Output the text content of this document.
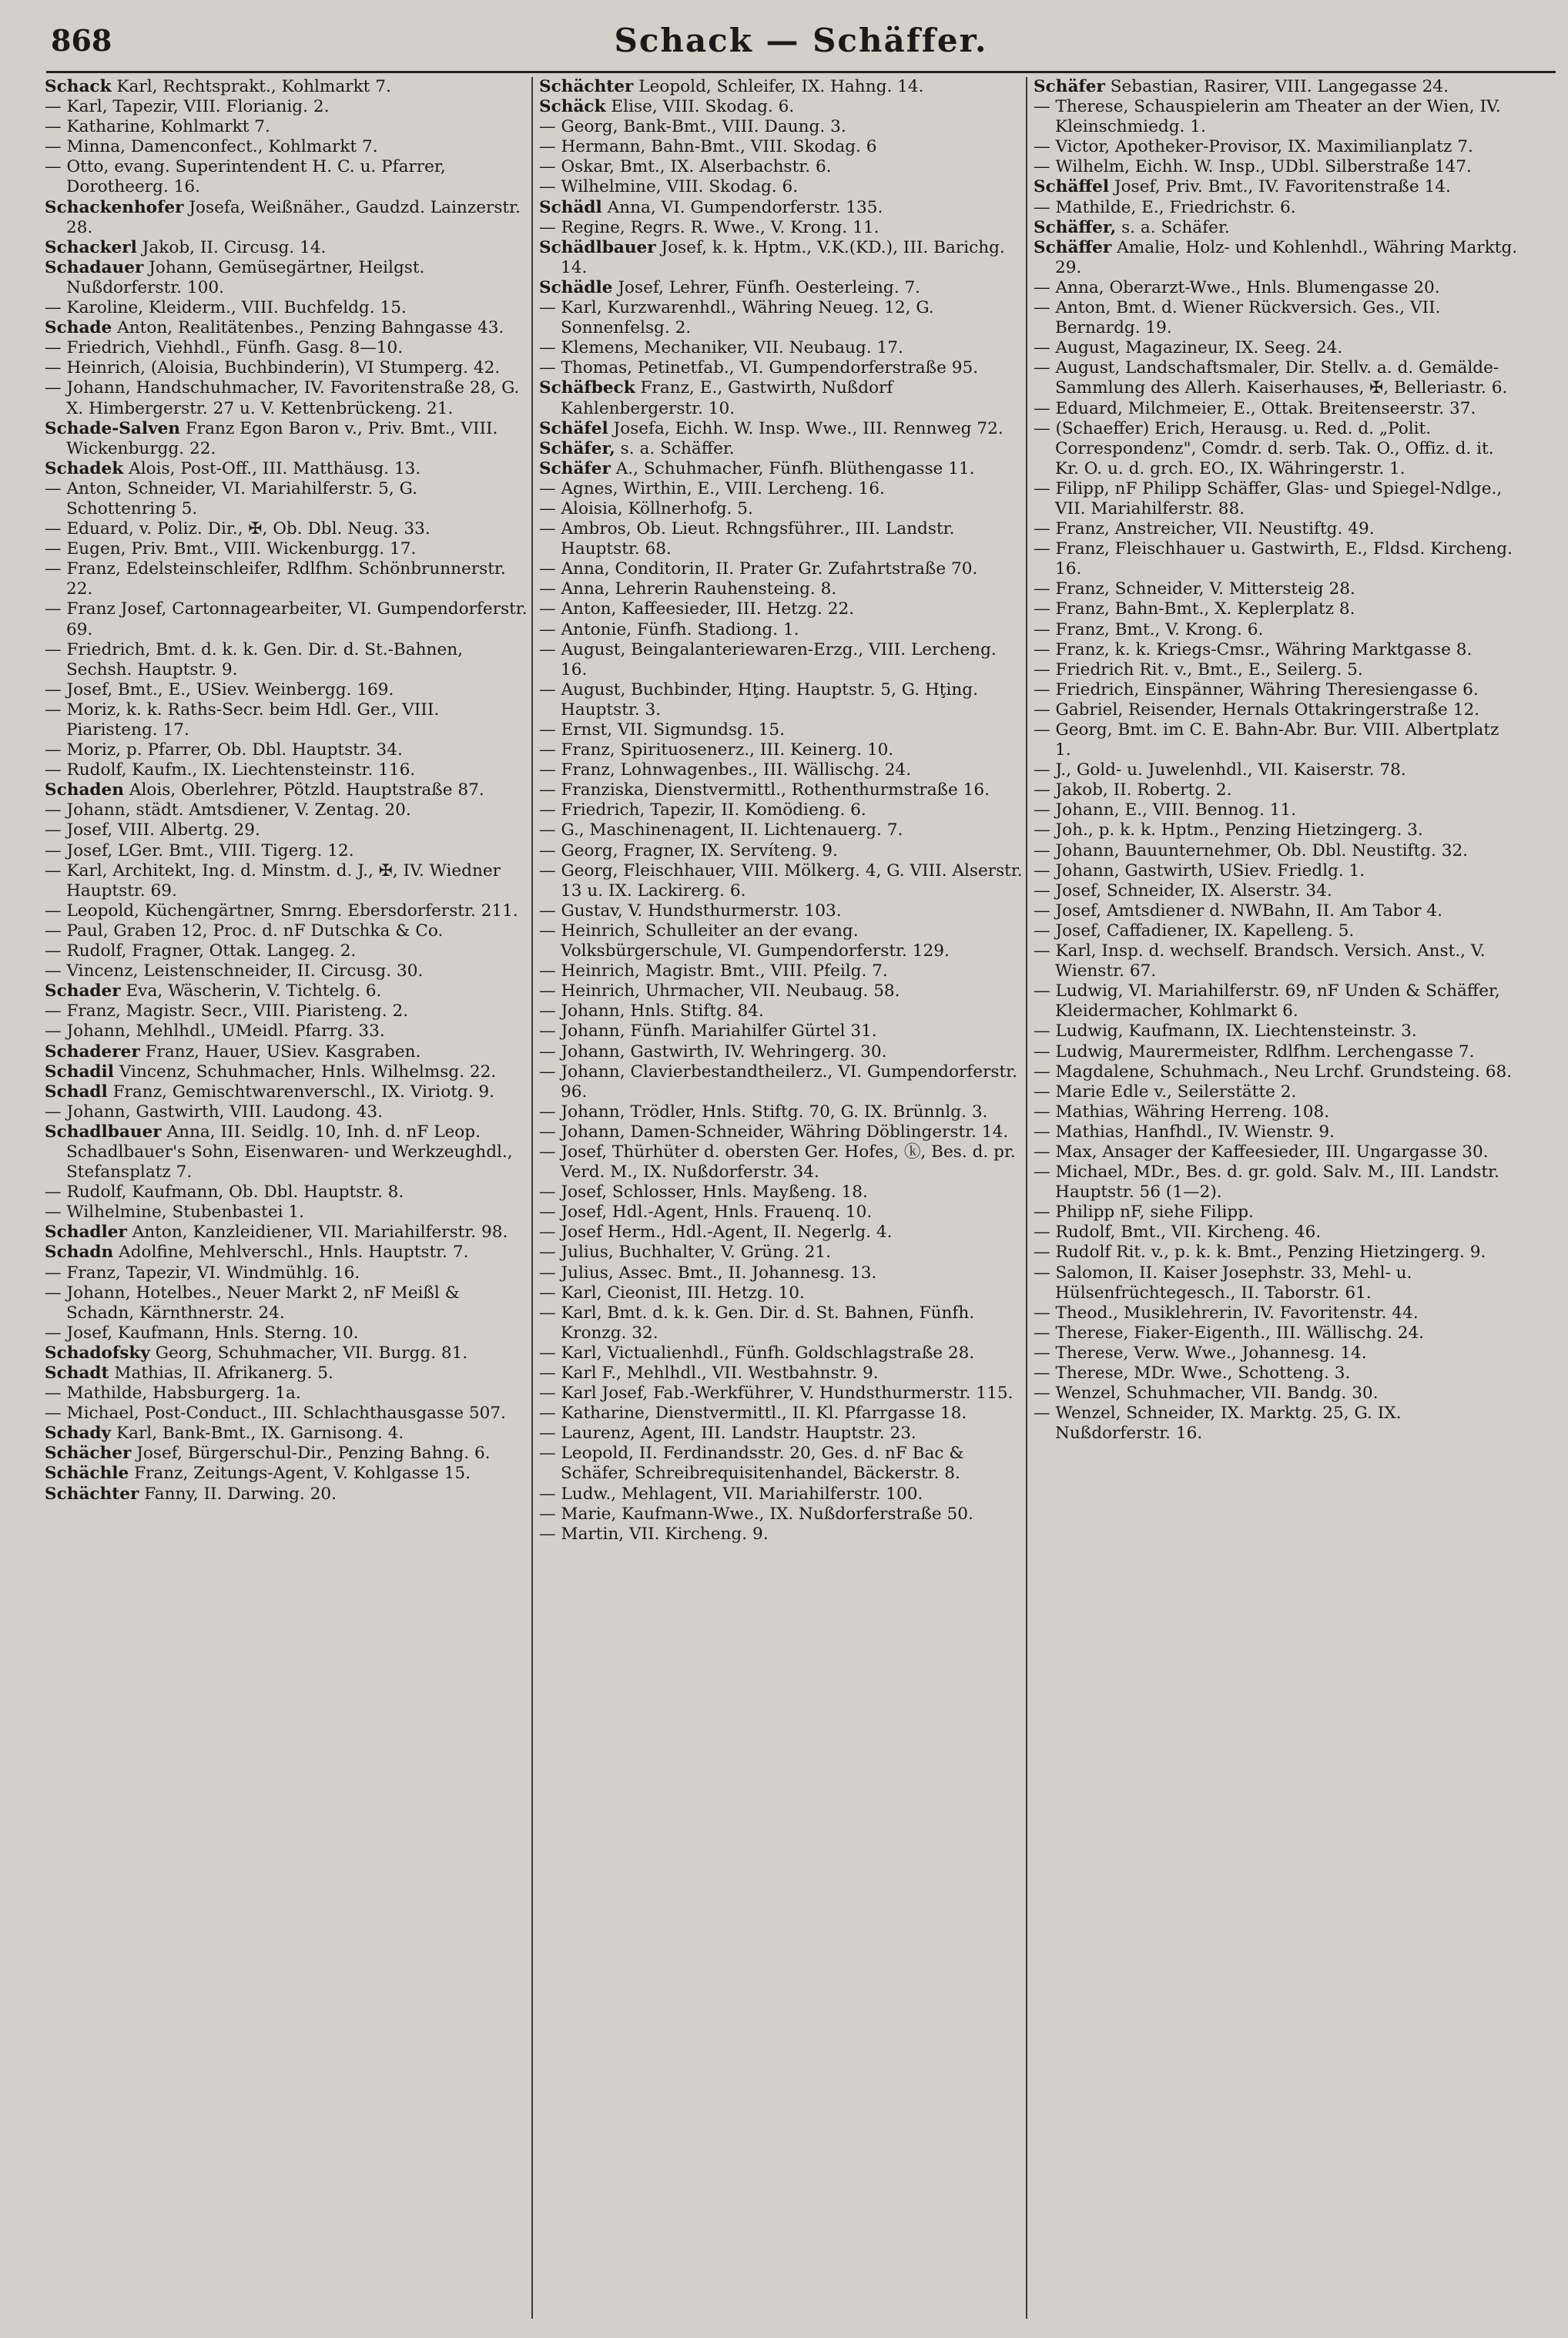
868	Schack — Schäffer.
Schack Karl, Rechtsprakt., Kohlmarkt 7.
— Karl, Tapezir, VIII. Florianig. 2.
— Katharine, Kohlmarkt 7.
— Minna, Damenconfect., Kohlmarkt 7.
— Otto, evang. Superintendent H. C. u. Pfarrer, Dorotheerg. 16.
Schackenhofer Josefa, Weißnäher., Gaudzd. Lainzerstr. 28.
Schackerl Jakob, II. Circusg. 14.
Schadauer Johann, Gemüsegärtner, Heilgst. Nußdorferstr. 100.
— Karoline, Kleiderm., VIII. Buchfeldg. 15.
Schade Anton, Realitätenbes., Penzing Bahngasse 43.
— Friedrich, Viehhdl., Fünfh. Gasg. 8—10.
— Heinrich, (Aloisia, Buchbinderin), VI Stumperg. 42.
— Johann, Handschuhmacher, IV. Favoritenstraße 28, G. X. Himbergerstr. 27 u. V. Kettenbrückeng. 21.
Schade-Salven Franz Egon Baron v., Priv. Bmt., VIII. Wickenburgg. 22.
Schadek Alois, Post-Off., III. Matthäusg. 13.
— Anton, Schneider, VI. Mariahilferstr. 5, G. Schottenring 5.
— Eduard, v. Poliz. Dir., ✠, Ob. Dbl. Neug. 33.
— Eugen, Priv. Bmt., VIII. Wickenburgg. 17.
— Franz, Edelsteinschleifer, Rdlfhm. Schönbrunnerstr. 22.
— Franz Josef, Cartonnagearbeiter, VI. Gumpendorferstr. 69.
— Friedrich, Bmt. d. k. k. Gen. Dir. d. St.-Bahnen, Sechsh. Hauptstr. 9.
— Josef, Bmt., E., USiev. Weinbergg. 169.
— Moriz, k. k. Raths-Secr. beim Hdl. Ger., VIII. Piaristeng. 17.
— Moriz, p. Pfarrer, Ob. Dbl. Hauptstr. 34.
— Rudolf, Kaufm., IX. Liechtensteinstr. 116.
Schaden Alois, Oberlehrer, Pötzld. Hauptstraße 87.
— Johann, städt. Amtsdiener, V. Zentag. 20.
— Josef, VIII. Albertg. 29.
— Josef, LGer. Bmt., VIII. Tigerg. 12.
— Karl, Architekt, Ing. d. Minstm. d. J., ✠, IV. Wiedner Hauptstr. 69.
— Leopold, Küchengärtner, Smrng. Ebersdorferstr. 211.
— Paul, Graben 12, Proc. d. nF Dutschka & Co.
— Rudolf, Fragner, Ottak. Langeg. 2.
— Vincenz, Leistenschneider, II. Circusg. 30.
Schader Eva, Wäscherin, V. Tichtelg. 6.
— Franz, Magistr. Secr., VIII. Piaristeng. 2.
— Johann, Mehlhdl., UMeidl. Pfarrg. 33.
Schaderer Franz, Hauer, USiev. Kasgraben.
Schadil Vincenz, Schuhmacher, Hnls. Wilhelmsg. 22.
Schadl Franz, Gemischtwarenverschl., IX. Viriotg. 9.
— Johann, Gastwirth, VIII. Laudong. 43.
Schadlbauer Anna, III. Seidlg. 10, Inh. d. nF Leop. Schadlbauer's Sohn, Eisenwaren- und Werkzeughdl., Stefansplatz 7.
— Rudolf, Kaufmann, Ob. Dbl. Hauptstr. 8.
— Wilhelmine, Stubenbastei 1.
Schadler Anton, Kanzleidiener, VII. Mariahilferstr. 98.
Schadn Adolfine, Mehlverschl., Hnls. Hauptstr. 7.
— Franz, Tapezir, VI. Windmühlg. 16.
— Johann, Hotelbes., Neuer Markt 2, nF Meißl & Schadn, Kärnthnerstr. 24.
— Josef, Kaufmann, Hnls. Sterng. 10.
Schadofsky Georg, Schuhmacher, VII. Burgg. 81.
Schadt Mathias, II. Afrikanerg. 5.
— Mathilde, Habsburgerg. 1a.
— Michael, Post-Conduct., III. Schlachthausgasse 507.
Schady Karl, Bank-Bmt., IX. Garnisong. 4.
Schächer Josef, Bürgerschul-Dir., Penzing Bahng. 6.
Schächle Franz, Zeitungs-Agent, V. Kohlgasse 15.
Schächter Fanny, II. Darwing. 20.
Schächter Leopold, Schleifer, IX. Hahng. 14.
Schäck Elise, VIII. Skodag. 6.
— Georg, Bank-Bmt., VIII. Daung. 3.
— Hermann, Bahn-Bmt., VIII. Skodag. 6
— Oskar, Bmt., IX. Alserbachstr. 6.
— Wilhelmine, VIII. Skodag. 6.
Schädl Anna, VI. Gumpendorferstr. 135.
— Regine, Regrs. R. Wwe., V. Krong. 11.
Schädlbauer Josef, k. k. Hptm., V.K.(KD.), III. Barichg. 14.
Schädle Josef, Lehrer, Fünfh. Oesterleing. 7.
— Karl, Kurzwarenhdl., Währing Neueg. 12, G. Sonnenfelsg. 2.
— Klemens, Mechaniker, VII. Neubaug. 17.
— Thomas, Petinetfab., VI. Gumpendorferstraße 95.
Schäfbeck Franz, E., Gastwirth, Nußdorf Kahlenbergerstr. 10.
Schäfel Josefa, Eichh. W. Insp. Wwe., III. Rennweg 72.
Schäfer, s. a. Schäffer.
Schäfer A., Schuhmacher, Fünfh. Blüthengasse 11.
— Agnes, Wirthin, E., VIII. Lercheng. 16.
— Aloisia, Köllnerhofg. 5.
— Ambros, Ob. Lieut. Rchngsführer., III. Landstr. Hauptstr. 68.
— Anna, Conditorin, II. Prater Gr. Zufahrtstraße 70.
— Anna, Lehrerin Rauhensteing. 8.
— Anton, Kaffeesieder, III. Hetzg. 22.
— Antonie, Fünfh. Stadiong. 1.
— August, Beingalanteriewaren-Erzg., VIII. Lercheng. 16.
— August, Buchbinder, Hţing. Hauptstr. 5, G. Hţing. Hauptstr. 3.
— Ernst, VII. Sigmundsg. 15.
— Franz, Spirituosenerz., III. Keinerg. 10.
— Franz, Lohnwagenbes., III. Wällischg. 24.
— Franziska, Dienstvermittl., Rothenthurmstraße 16.
— Friedrich, Tapezir, II. Komödieng. 6.
— G., Maschinenagent, II. Lichtenauerg. 7.
— Georg, Fragner, IX. Servíteng. 9.
— Georg, Fleischhauer, VIII. Mölkerg. 4, G. VIII. Alserstr. 13 u. IX. Lackirerg. 6.
— Gustav, V. Hundsthurmerstr. 103.
— Heinrich, Schulleiter an der evang. Volksbürgerschule, VI. Gumpendorferstr. 129.
— Heinrich, Magistr. Bmt., VIII. Pfeilg. 7.
— Heinrich, Uhrmacher, VII. Neubaug. 58.
— Johann, Hnls. Stiftg. 84.
— Johann, Fünfh. Mariahilfer Gürtel 31.
— Johann, Gastwirth, IV. Wehringerg. 30.
— Johann, Clavierbestandtheilerz., VI. Gumpendorferstr. 96.
— Johann, Trödler, Hnls. Stiftg. 70, G. IX. Brünnlg. 3.
— Johann, Damen-Schneider, Währing Döblingerstr. 14.
— Josef, Thürhüter d. obersten Ger. Hofes, ⓚ, Bes. d. pr. Verd. M., IX. Nußdorferstr. 34.
— Josef, Schlosser, Hnls. Mayßeng. 18.
— Josef, Hdl.-Agent, Hnls. Frauenq. 10.
— Josef Herm., Hdl.-Agent, II. Negerlg. 4.
— Julius, Buchhalter, V. Grüng. 21.
— Julius, Assec. Bmt., II. Johannesg. 13.
— Karl, Cieonist, III. Hetzg. 10.
— Karl, Bmt. d. k. k. Gen. Dir. d. St. Bahnen, Fünfh. Kronzg. 32.
— Karl, Victualienhdl., Fünfh. Goldschlagstraße 28.
— Karl F., Mehlhdl., VII. Westbahnstr. 9.
— Karl Josef, Fab.-Werkführer, V. Hundsthurmerstr. 115.
— Katharine, Dienstvermittl., II. Kl. Pfarrgasse 18.
— Laurenz, Agent, III. Landstr. Hauptstr. 23.
— Leopold, II. Ferdinandsstr. 20, Ges. d. nF Bac & Schäfer, Schreibrequisitenhandel, Bäckerstr. 8.
— Ludw., Mehlagent, VII. Mariahilferstr. 100.
— Marie, Kaufmann-Wwe., IX. Nußdorferstraße 50.
— Martin, VII. Kircheng. 9.
Schäfer Sebastian, Rasirer, VIII. Langegasse 24.
— Therese, Schauspielerin am Theater an der Wien, IV. Kleinschmiedg. 1.
— Victor, Apotheker-Provisor, IX. Maximilianplatz 7.
— Wilhelm, Eichh. W. Insp., UDbl. Silberstraße 147.
Schäffel Josef, Priv. Bmt., IV. Favoritenstraße 14.
— Mathilde, E., Friedrichstr. 6.
Schäffer, s. a. Schäfer.
Schäffer Amalie, Holz- und Kohlenhdl., Währing Marktg. 29.
— Anna, Oberarzt-Wwe., Hnls. Blumengasse 20.
— Anton, Bmt. d. Wiener Rückversich. Ges., VII. Bernardg. 19.
— August, Magazineur, IX. Seeg. 24.
— August, Landschaftsmaler, Dir. Stellv. a. d. Gemälde-Sammlung des Allerh. Kaiserhauses, ✠, Belleriastr. 6.
— Eduard, Milchmeier, E., Ottak. Breitenseerstr. 37.
— (Schaeffer) Erich, Herausg. u. Red. d. „Polit. Correspondenz", Comdr. d. serb. Tak. O., Offiz. d. it. Kr. O. u. d. grch. EO., IX. Währingerstr. 1.
— Filipp, nF Philipp Schäffer, Glas- und Spiegel-Ndlge., VII. Mariahilferstr. 88.
— Franz, Anstreicher, VII. Neustiftg. 49.
— Franz, Fleischhauer u. Gastwirth, E., Fldsd. Kircheng. 16.
— Franz, Schneider, V. Mittersteig 28.
— Franz, Bahn-Bmt., X. Keplerplatz 8.
— Franz, Bmt., V. Krong. 6.
— Franz, k. k. Kriegs-Cmsr., Währing Marktgasse 8.
— Friedrich Rit. v., Bmt., E., Seilerg. 5.
— Friedrich, Einspänner, Währing Theresiengasse 6.
— Gabriel, Reisender, Hernals Ottakringerstraße 12.
— Georg, Bmt. im C. E. Bahn-Abr. Bur. VIII. Albertplatz 1.
— J., Gold- u. Juwelenhdl., VII. Kaiserstr. 78.
— Jakob, II. Robertg. 2.
— Johann, E., VIII. Bennog. 11.
— Joh., p. k. k. Hptm., Penzing Hietzingerg. 3.
— Johann, Bauunternehmer, Ob. Dbl. Neustiftg. 32.
— Johann, Gastwirth, USiev. Friedlg. 1.
— Josef, Schneider, IX. Alserstr. 34.
— Josef, Amtsdiener d. NWBahn, II. Am Tabor 4.
— Josef, Caffadiener, IX. Kapelleng. 5.
— Karl, Insp. d. wechself. Brandsch. Versich. Anst., V. Wienstr. 67.
— Ludwig, VI. Mariahilferstr. 69, nF Unden & Schäffer, Kleidermacher, Kohlmarkt 6.
— Ludwig, Kaufmann, IX. Liechtensteinstr. 3.
— Ludwig, Maurermeister, Rdlfhm. Lerchengasse 7.
— Magdalene, Schuhmach., Neu Lrchf. Grundsteing. 68.
— Marie Edle v., Seilerstätte 2.
— Mathias, Währing Herreng. 108.
— Mathias, Hanfhdl., IV. Wienstr. 9.
— Max, Ansager der Kaffeesieder, III. Ungargasse 30.
— Michael, MDr., Bes. d. gr. gold. Salv. M., III. Landstr. Hauptstr. 56 (1—2).
— Philipp nF, siehe Filipp.
— Rudolf, Bmt., VII. Kircheng. 46.
— Rudolf Rit. v., p. k. k. Bmt., Penzing Hietzingerg. 9.
— Salomon, II. Kaiser Josephstr. 33, Mehl- u. Hülsenfrüchtegesch., II. Taborstr. 61.
— Theod., Musiklehrerin, IV. Favoritenstr. 44.
— Therese, Fiaker-Eigenth., III. Wällischg. 24.
— Therese, Verw. Wwe., Johannesg. 14.
— Therese, MDr. Wwe., Schotteng. 3.
— Wenzel, Schuhmacher, VII. Bandg. 30.
— Wenzel, Schneider, IX. Marktg. 25, G. IX. Nußdorferstr. 16.
